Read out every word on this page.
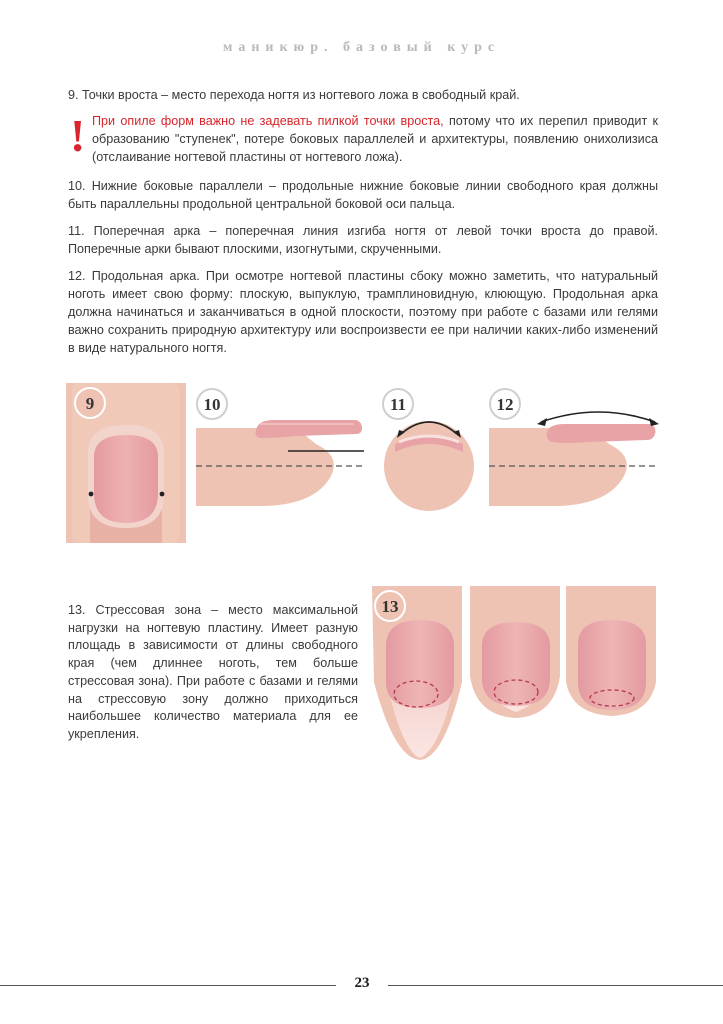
маникюр. базовый курс
9. Точки вроста – место перехода ногтя из ногтевого ложа в свободный край.
! При опиле форм важно не задевать пилкой точки вроста, потому что их перепил приводит к образованию "ступенек", потере боковых параллелей и архитектуры, появлению онихолизиса (отслаивание ногтевой пластины от ногтевого ложа).
10. Нижние боковые параллели – продольные нижние боковые линии свободного края должны быть параллельны продольной центральной боковой оси пальца.
11. Поперечная арка – поперечная линия изгиба ногтя от левой точки вроста до правой. Поперечные арки бывают плоскими, изогнутыми, скрученными.
12. Продольная арка. При осмотре ногтевой пластины сбоку можно заметить, что натуральный ноготь имеет свою форму: плоскую, выпуклую, трамплиновидную, клюющую. Продольная арка должна начинаться и заканчиваться в одной плоскости, поэтому при работе с базами или гелями важно сохранить природную архитектуру или воспроизвести ее при наличии каких-либо изменений в виде натурального ногтя.
9	10	11	12
13. Стрессовая зона – место максимальной нагрузки на ногтевую пластину. Имеет разную площадь в зависимости от длины свободного края (чем длиннее ноготь, тем больше стрессовая зона). При работе с базами и гелями на стрессовую зону должно приходиться наибольшее количество материала для ее укрепления.
13
23
